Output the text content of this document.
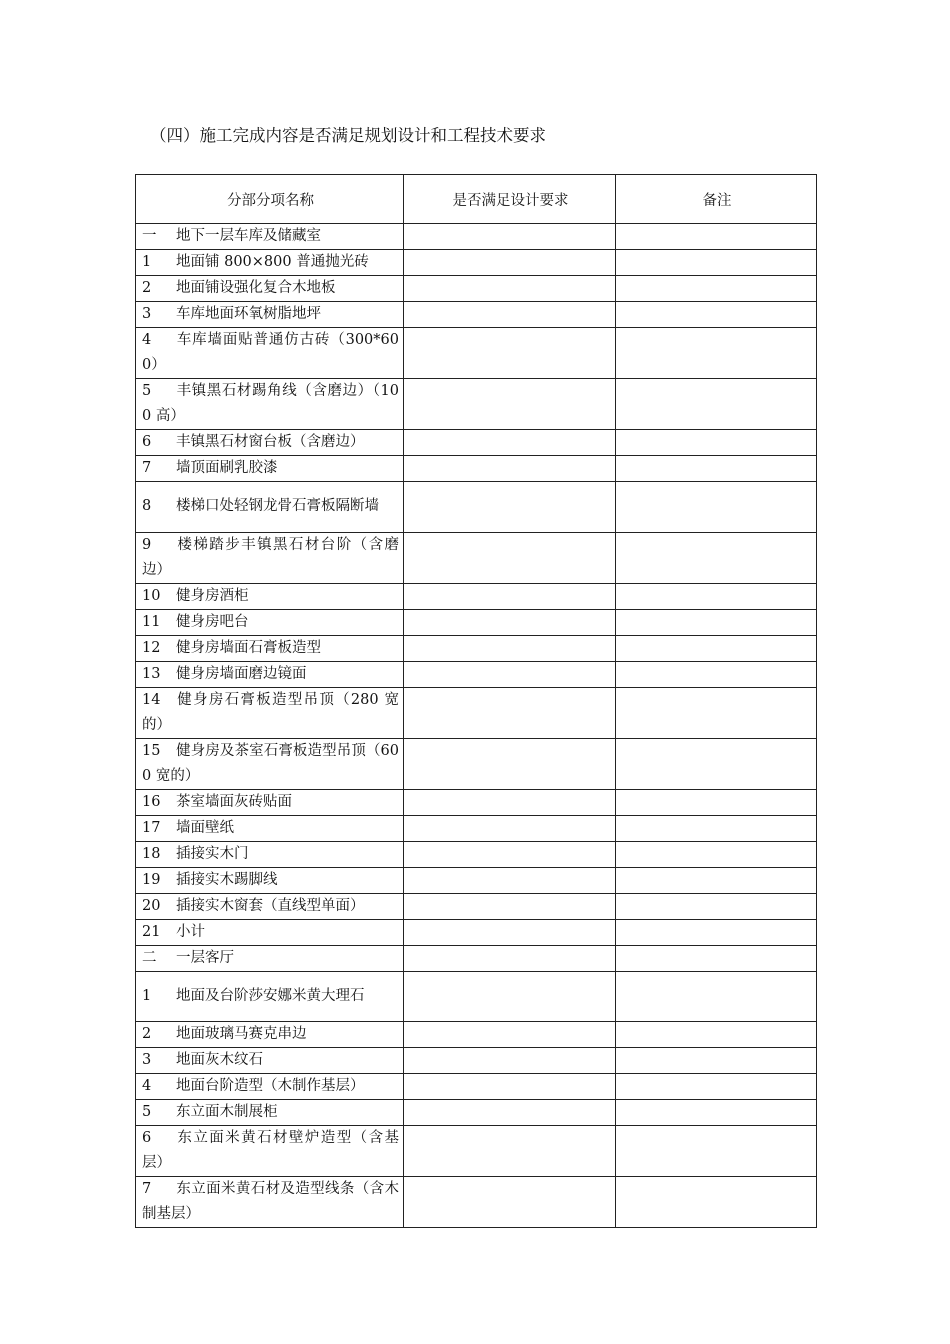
（四）施工完成内容是否满足规划设计和工程技术要求
分部分项名称	是否满足设计要求	备注
一 地下一层车库及储藏室		
1 地面铺 800×800 普通抛光砖		
2 地面铺设强化复合木地板		
3 车库地面环氧树脂地坪		
4 车库墙面贴普通仿古砖（300*600）		
5 丰镇黑石材踢角线（含磨边）（100 高）		
6 丰镇黑石材窗台板（含磨边）		
7 墙顶面刷乳胶漆		
8 楼梯口处轻钢龙骨石膏板隔断墙		
9 楼梯踏步丰镇黑石材台阶（含磨边）		
10 健身房酒柜		
11 健身房吧台		
12 健身房墙面石膏板造型		
13 健身房墙面磨边镜面		
14 健身房石膏板造型吊顶（280 宽的）		
15 健身房及茶室石膏板造型吊顶（600 宽的）		
16 茶室墙面灰砖贴面		
17 墙面壁纸		
18 插接实木门		
19 插接实木踢脚线		
20 插接实木窗套（直线型单面）		
21 小计		
二 一层客厅		
1 地面及台阶莎安娜米黄大理石		
2 地面玻璃马赛克串边		
3 地面灰木纹石		
4 地面台阶造型（木制作基层）		
5 东立面木制展柜		
6 东立面米黄石材壁炉造型（含基层）		
7 东立面米黄石材及造型线条（含木制基层）		
